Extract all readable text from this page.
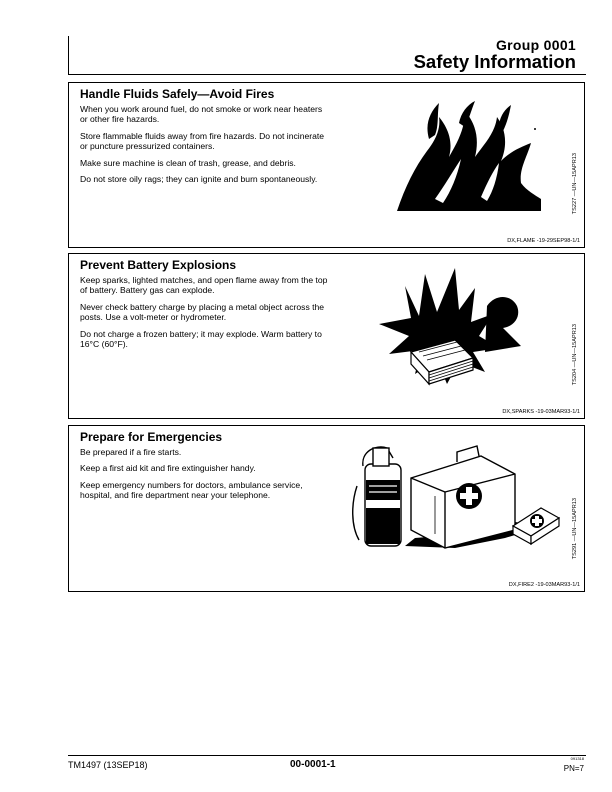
Group 0001
Safety Information
Handle Fluids Safely—Avoid Fires

When you work around fuel, do not smoke or work near heaters or other fire hazards.

Store flammable fluids away from fire hazards. Do not incinerate or puncture pressurized containers.

Make sure machine is clean of trash, grease, and debris.

Do not store oily rags; they can ignite and burn spontaneously.	TS227 —UN—15APR13
DX,FLAME -19-29SEP98-1/1
Prevent Battery Explosions

Keep sparks, lighted matches, and open flame away from the top of battery. Battery gas can explode.

Never check battery charge by placing a metal object across the posts. Use a volt-meter or hydrometer.

Do not charge a frozen battery; it may explode. Warm battery to 16°C (60°F).	TS204 —UN—15APR13
DX,SPARKS -19-03MAR93-1/1
Prepare for Emergencies

Be prepared if a fire starts.

Keep a first aid kit and fire extinguisher handy.

Keep emergency numbers for doctors, ambulance service, hospital, and fire department near your telephone.

TS291 —UN—15APR13
DX,FIRE2 -19-03MAR93-1/1
TM1497 (13SEP18)	00-0001-1
091318
PN=7
